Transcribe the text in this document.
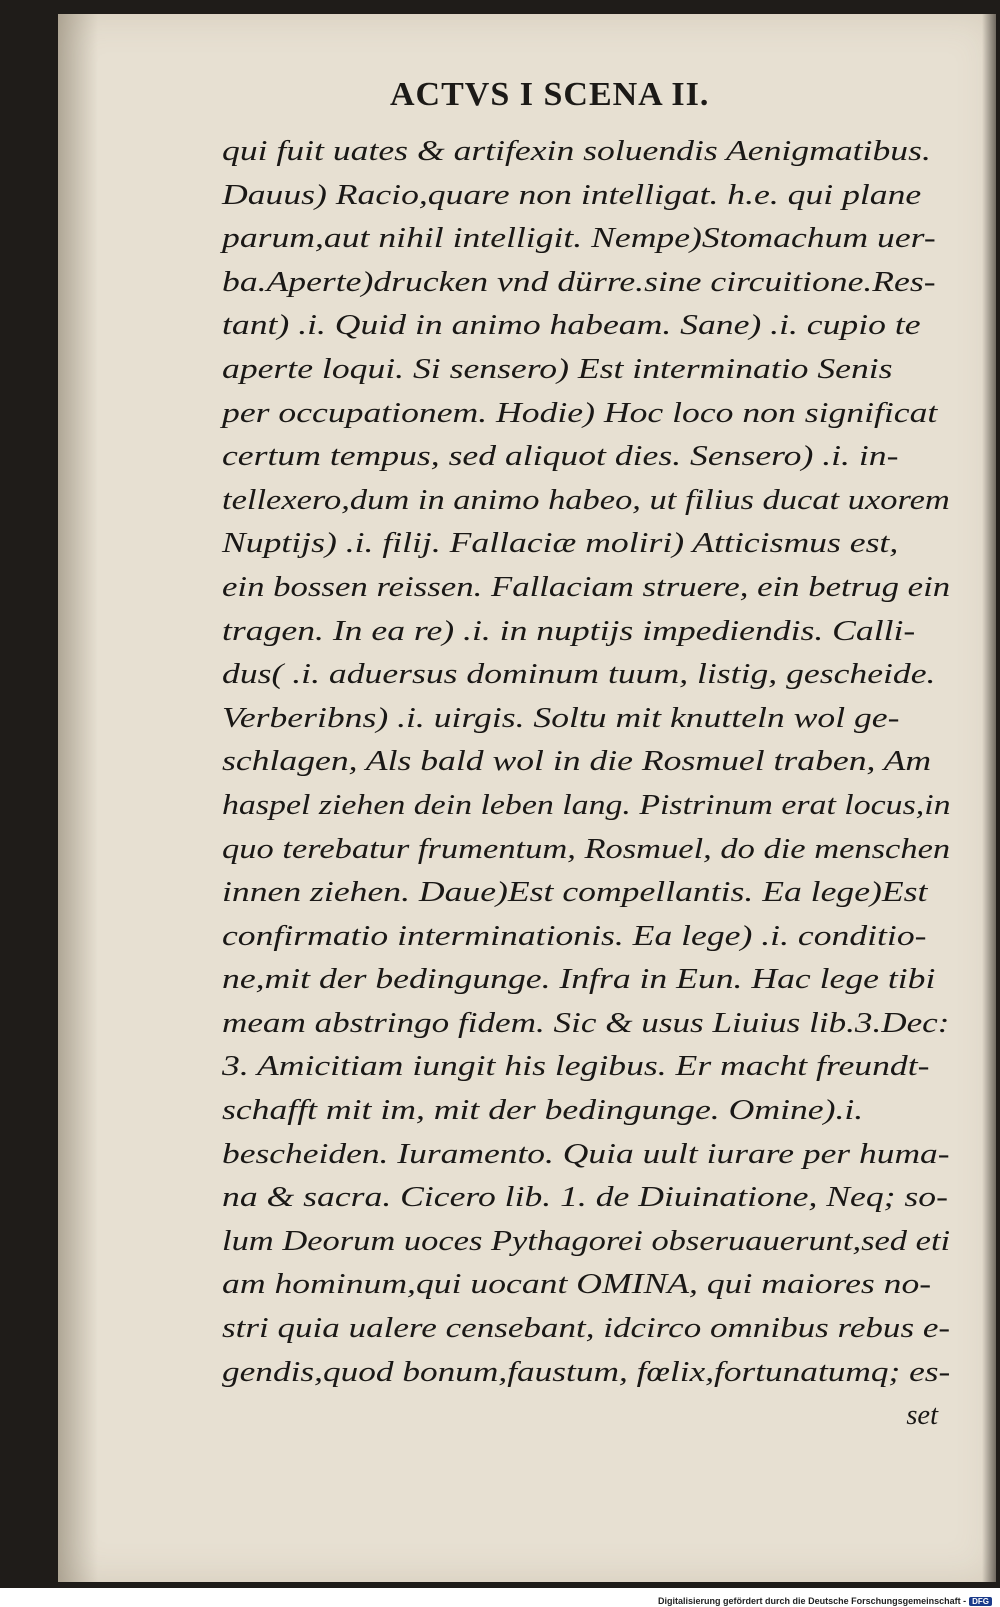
ACTVS I SCENA II.
qui fuit uates & artifexin soluendis Aenigmatibus.
Dauus) Racio,quare non intelligat. h.e. qui plane
parum,aut nihil intelligit. Nempe)Stomachum uer-
ba.Aperte)drucken vnd dürre.sine circuitione.Res-
tant) .i. Quid in animo habeam. Sane) .i. cupio te
aperte loqui. Si sensero) Est interminatio Senis
per occupationem. Hodie) Hoc loco non significat
certum tempus, sed aliquot dies. Sensero) .i. in-
tellexero,dum in animo habeo, ut filius ducat uxorem
Nuptijs) .i. filij. Fallaciæ moliri) Atticismus est,
ein bossen reissen. Fallaciam struere, ein betrug ein
tragen. In ea re) .i. in nuptijs impediendis. Calli-
dus( .i. aduersus dominum tuum, listig, gescheide.
Verberibns) .i. uirgis. Soltu mit knutteln wol ge-
schlagen, Als bald wol in die Rosmuel traben, Am
haspel ziehen dein leben lang. Pistrinum erat locus,in
quo terebatur frumentum, Rosmuel, do die menschen
innen ziehen. Daue)Est compellantis. Ea lege)Est
confirmatio interminationis. Ea lege) .i. conditio-
ne,mit der bedingunge. Infra in Eun. Hac lege tibi
meam abstringo fidem. Sic & usus Liuius lib.3.Dec:
3. Amicitiam iungit his legibus. Er macht freundt-
schafft mit im, mit der bedingunge. Omine).i.
bescheiden. Iuramento. Quia uult iurare per huma-
na & sacra. Cicero lib. 1. de Diuinatione, Neq; so-
lum Deorum uoces Pythagorei obseruauerunt,sed eti
am hominum,qui uocant OMINA, qui maiores no-
stri quia ualere censebant, idcirco omnibus rebus e-
gendis,quod bonum,faustum, fœlix,fortunatumq; es-
set
Digitalisierung gefördert durch die Deutsche Forschungsgemeinschaft - DFG
